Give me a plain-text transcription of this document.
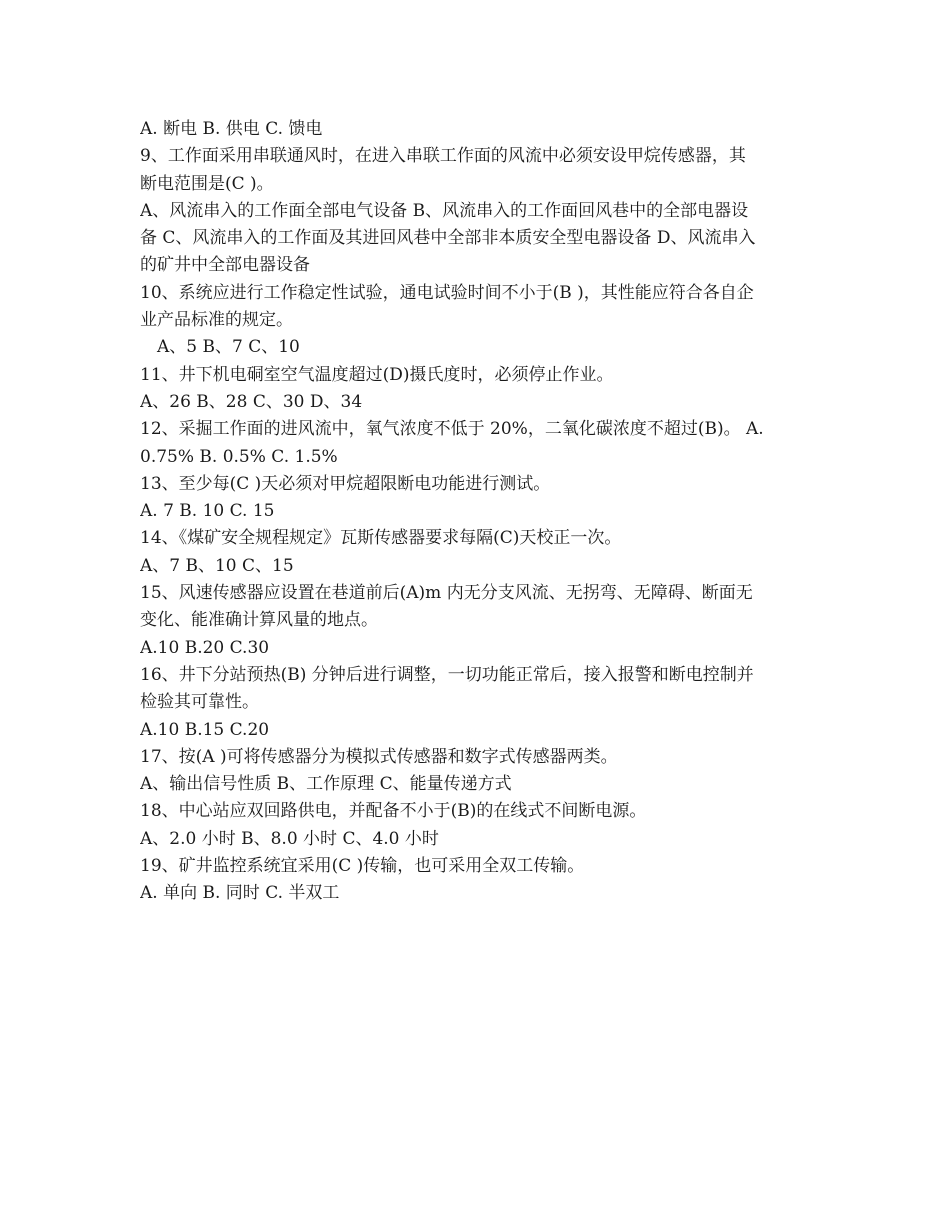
A. 断电 B. 供电 C. 馈电
9、工作面采用串联通风时，在进入串联工作面的风流中必须安设甲烷传感器，其
断电范围是(C )。
A、风流串入的工作面全部电气设备 B、风流串入的工作面回风巷中的全部电器设
备 C、风流串入的工作面及其进回风巷中全部非本质安全型电器设备 D、风流串入
的矿井中全部电器设备
10、系统应进行工作稳定性试验，通电试验时间不小于(B )，其性能应符合各自企
业产品标准的规定。
A、5 B、7 C、10
11、井下机电硐室空气温度超过(D)摄氏度时，必须停止作业。
A、26 B、28 C、30 D、34
12、采掘工作面的进风流中，氧气浓度不低于 20%，二氧化碳浓度不超过(B)。 A.
0.75% B. 0.5% C. 1.5%
13、至少每(C )天必须对甲烷超限断电功能进行测试。
A. 7 B. 10 C. 15
14、《煤矿安全规程规定》瓦斯传感器要求每隔(C)天校正一次。
A、7 B、10 C、15
15、风速传感器应设置在巷道前后(A)m 内无分支风流、无拐弯、无障碍、断面无
变化、能准确计算风量的地点。
A.10 B.20 C.30
16、井下分站预热(B) 分钟后进行调整，一切功能正常后，接入报警和断电控制并
检验其可靠性。
A.10 B.15 C.20
17、按(A )可将传感器分为模拟式传感器和数字式传感器两类。
A、输出信号性质 B、工作原理 C、能量传递方式
18、中心站应双回路供电，并配备不小于(B)的在线式不间断电源。
A、2.0 小时 B、8.0 小时 C、4.0 小时
19、矿井监控系统宜采用(C )传输，也可采用全双工传输。
A. 单向 B. 同时 C. 半双工
